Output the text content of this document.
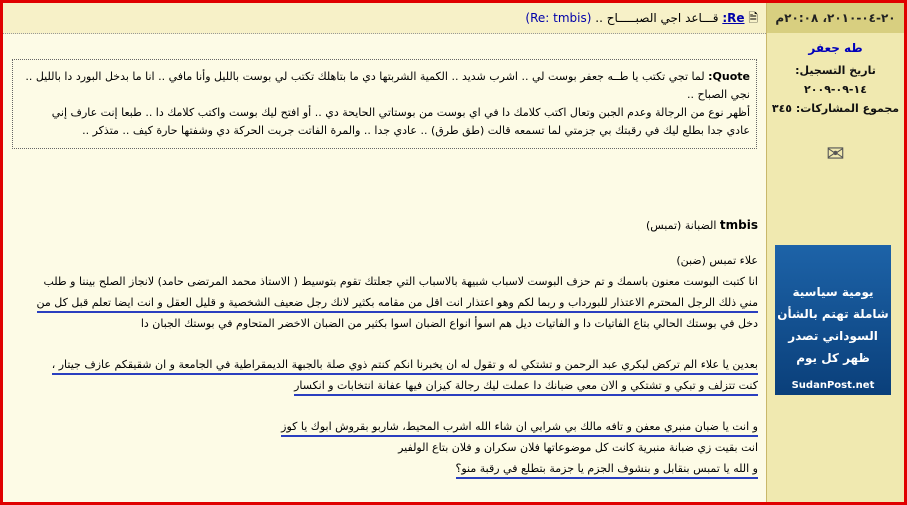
٢٠-٠٤-٢٠١٠، ٢٠:٠٨م
طه جعفر
تاريخ التسجيل: ١٤-٠٩-٢٠٠٩
مجموع المشاركات: ٣٤٥
✉
يومية سياسية
شاملة تهتم بالشأن
السوداني تصدر
ظهر كل يوم
SudanPost.net
🗎 Re: قـــاعد اجي الصبـــــاح .. (Re: tmbis)
Quote: لما تجي تكتب يا طــه جعفر بوست لي .. اشرب شديد .. الكمية الشربتها دي ما بتاهلك تكتب لي بوست بالليل وأنا مافي .. انا ما بدخل البورد دا بالليل ..
نجي الصباح ..
أظهر نوع من الرجالة وعدم الجبن وتعال اكتب كلامك دا في اي بوست من بوستاتي الحايحة دي .. أو افتح ليك بوست واكتب كلامك دا .. طبعا إنت عارف إني
عادي جدا بطلع ليك في رقبتك بي جزمتي لما تسمعه قالت (طق طرق) .. عادي جدا .. والمرة الفاتت جربت الحركة دي وشفتها حارة كيف .. متذكر ..
tmbis الضبانة (تمبس)
علاء تمبس (ضبن)
انا كتبت البوست معنون باسمك و تم حزف البوست لاسباب شبيهة بالاسباب التي جعلتك تقوم بتوسيط ( الاستاذ محمد المرتضى حامد) لانجاز الصلح بيننا و طلب
مني ذلك الرجل المحترم الاعتذار للبورداب و ربما لكم وهو اعتذار انت اقل من مقامه بكثير لانك رجل ضعيف الشخصية و قليل العقل و انت ايضا تعلم قبل كل من
دخل في بوستك الحالي بتاع الفاتيات دا و الفاتيات ديل هم اسوأ انواع الضبان اسوا بكثير من الضبان الاخضر المتحاوم في بوستك الجبان دا
بعدين يا علاء الم تركض لبكري عبد الرحمن و تشتكي له و تقول له ان يخبرنا انكم كنتم ذوي صلة بالجبهة الديمقراطية في الجامعة و ان شقيقكم عازف جيتار ،
كنت تتزلف و تبكي و تشتكي و الان معي ضبانك دا عملت ليك رجالة كيزان فيها عفانة انتخابات و انكسار
و انت يا ضبان منبري معفن و تافه مالك بي شرابي ان شاء الله اشرب المحيط، شاربو بقروش ابوك يا كوز
انت بقيت زي ضبانة منبرية كانت كل موضوعاتها فلان سكران و فلان بتاع الولفير
و الله يا تمبس بنقابل و بنشوف الجزم يا جزمة بتطلع في رقبة منو؟
